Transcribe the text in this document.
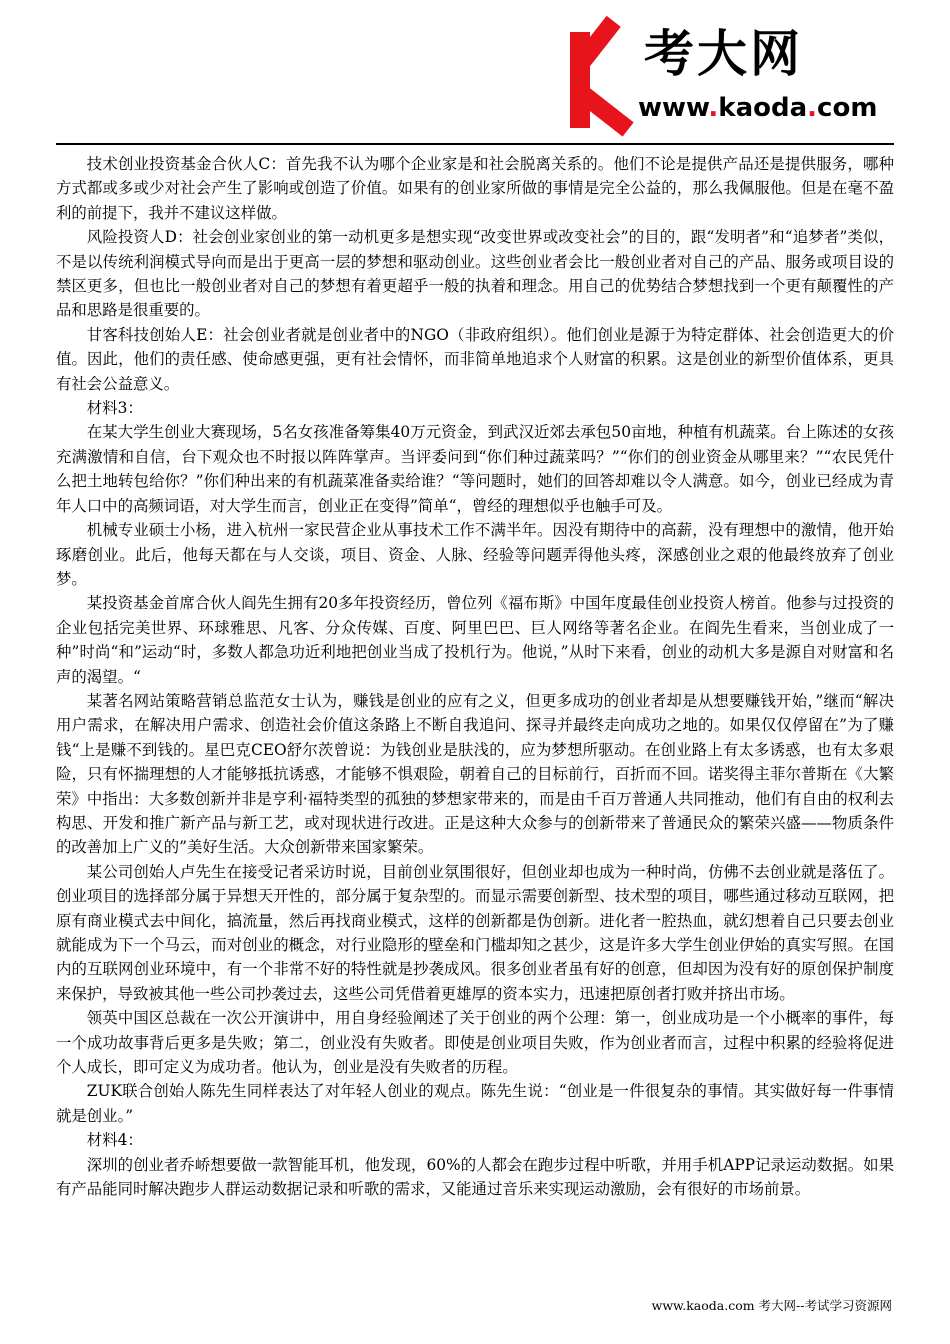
考大网
www.kaoda.com

技术创业投资基金合伙人C：首先我不认为哪个企业家是和社会脱离关系的。他们不论是提供产品还是提供服务，哪种方式都或多或少对社会产生了影响或创造了价值。如果有的创业家所做的事情是完全公益的，那么我佩服他。但是在毫不盈利的前提下，我并不建议这样做。

风险投资人D：社会创业家创业的第一动机更多是想实现“改变世界或改变社会”的目的，跟“发明者”和“追梦者”类似，不是以传统利润模式导向而是出于更高一层的梦想和驱动创业。这些创业者会比一般创业者对自己的产品、服务或项目设的禁区更多，但也比一般创业者对自己的梦想有着更超乎一般的执着和理念。用自己的优势结合梦想找到一个更有颠覆性的产品和思路是很重要的。

甘客科技创始人E：社会创业者就是创业者中的NGO（非政府组织）。他们创业是源于为特定群体、社会创造更大的价值。因此，他们的责任感、使命感更强，更有社会情怀，而非简单地追求个人财富的积累。这是创业的新型价值体系，更具有社会公益意义。

材料3：

在某大学生创业大赛现场，5名女孩准备筹集40万元资金，到武汉近郊去承包50亩地，种植有机蔬菜。台上陈述的女孩充满激情和自信，台下观众也不时报以阵阵掌声。当评委问到“你们种过蔬菜吗？”“你们的创业资金从哪里来？”“农民凭什么把土地转包给你？”你们种出来的有机蔬菜准备卖给谁？“等问题时，她们的回答却难以令人满意。如今，创业已经成为青年人口中的高频词语，对大学生而言，创业正在变得”简单“，曾经的理想似乎也触手可及。

机械专业硕士小杨，进入杭州一家民营企业从事技术工作不满半年。因没有期待中的高薪，没有理想中的激情，他开始琢磨创业。此后，他每天都在与人交谈，项目、资金、人脉、经验等问题弄得他头疼，深感创业之艰的他最终放弃了创业梦。

某投资基金首席合伙人阎先生拥有20多年投资经历，曾位列《福布斯》中国年度最佳创业投资人榜首。他参与过投资的企业包括完美世界、环球雅思、凡客、分众传媒、百度、阿里巴巴、巨人网络等著名企业。在阎先生看来，当创业成了一种”时尚“和”运动“时，多数人都急功近利地把创业当成了投机行为。他说，”从时下来看，创业的动机大多是源自对财富和名声的渴望。“

某著名网站策略营销总监范女士认为，赚钱是创业的应有之义，但更多成功的创业者却是从想要赚钱开始，”继而“解决用户需求，在解决用户需求、创造社会价值这条路上不断自我追问、探寻并最终走向成功之地的。如果仅仅停留在”为了赚钱“上是赚不到钱的。星巴克CEO舒尔茨曾说：为钱创业是肤浅的，应为梦想所驱动。在创业路上有太多诱惑，也有太多艰险，只有怀揣理想的人才能够抵抗诱惑，才能够不惧艰险，朝着自己的目标前行，百折而不回。诺奖得主菲尔普斯在《大繁荣》中指出：大多数创新并非是亨利·福特类型的孤独的梦想家带来的，而是由千百万普通人共同推动，他们有自由的权利去构思、开发和推广新产品与新工艺，或对现状进行改进。正是这种大众参与的创新带来了普通民众的繁荣兴盛——物质条件的改善加上广义的”美好生活。大众创新带来国家繁荣。

某公司创始人卢先生在接受记者采访时说，目前创业氛围很好，但创业却也成为一种时尚，仿佛不去创业就是落伍了。创业项目的选择部分属于异想天开性的，部分属于复杂型的。而显示需要创新型、技术型的项目，哪些通过移动互联网，把原有商业模式去中间化，搞流量，然后再找商业模式，这样的创新都是伪创新。进化者一腔热血，就幻想着自己只要去创业就能成为下一个马云，而对创业的概念，对行业隐形的壁垒和门槛却知之甚少，这是许多大学生创业伊始的真实写照。在国内的互联网创业环境中，有一个非常不好的特性就是抄袭成风。很多创业者虽有好的创意，但却因为没有好的原创保护制度来保护，导致被其他一些公司抄袭过去，这些公司凭借着更雄厚的资本实力，迅速把原创者打败并挤出市场。

领英中国区总裁在一次公开演讲中，用自身经验阐述了关于创业的两个公理：第一，创业成功是一个小概率的事件，每一个成功故事背后更多是失败；第二，创业没有失败者。即使是创业项目失败，作为创业者而言，过程中积累的经验将促进个人成长，即可定义为成功者。他认为，创业是没有失败者的历程。

ZUK联合创始人陈先生同样表达了对年轻人创业的观点。陈先生说：“创业是一件很复杂的事情。其实做好每一件事情就是创业。”

材料4：

深圳的创业者乔峤想要做一款智能耳机，他发现，60%的人都会在跑步过程中听歌，并用手机APP记录运动数据。如果有产品能同时解决跑步人群运动数据记录和听歌的需求，又能通过音乐来实现运动激励，会有很好的市场前景。

www.kaoda.com 考大网--考试学习资源网
